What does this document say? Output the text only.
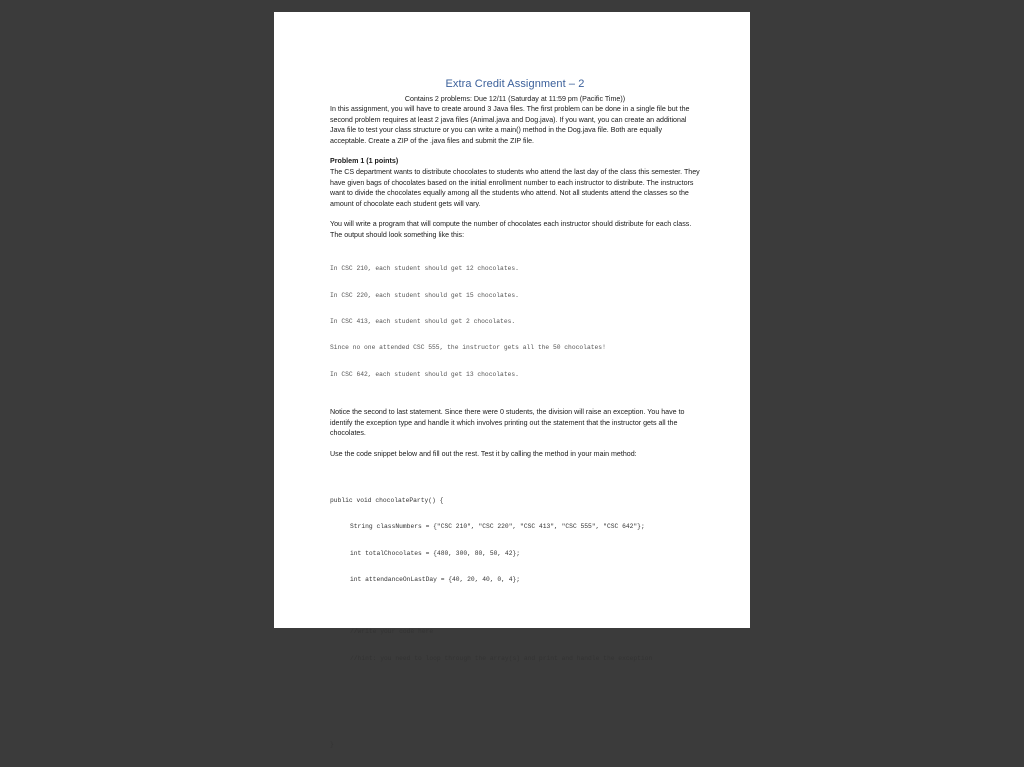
Extra Credit Assignment – 2

Contains 2 problems: Due 12/11 (Saturday at 11:59 pm (Pacific Time))

In this assignment, you will have to create around 3 Java files. The first problem can be done in a single file but the second problem requires at least 2 java files (Animal.java and Dog.java). If you want, you can create an additional Java file to test your class structure or you can write a main() method in the Dog.java file. Both are equally acceptable. Create a ZIP of the .java files and submit the ZIP file.

Problem 1 (1 points)

The CS department wants to distribute chocolates to students who attend the last day of the class this semester. They have given bags of chocolates based on the initial enrollment number to each instructor to distribute. The instructors want to divide the chocolates equally among all the students who attend. Not all students attend the classes so the amount of chocolate each student gets will vary.

You will write a program that will compute the number of chocolates each instructor should distribute for each class. The output should look something like this:

In CSC 210, each student should get 12 chocolates.

In CSC 220, each student should get 15 chocolates.

In CSC 413, each student should get 2 chocolates.

Since no one attended CSC 555, the instructor gets all the 50 chocolates!

In CSC 642, each student should get 13 chocolates.

Notice the second to last statement. Since there were 0 students, the division will raise an exception. You have to identify the exception type and handle it which involves printing out the statement that the instructor gets all the chocolates.

Use the code snippet below and fill out the rest. Test it by calling the method in your main method:

public void chocolateParty() {

String classNumbers = {"CSC 210", "CSC 220", "CSC 413", "CSC 555", "CSC 642"};

int totalChocolates = {480, 300, 80, 50, 42};

int attendanceOnLastDay = {40, 20, 40, 0, 4};

//write your code here

//hint: you need to loop through the array(s) and print and handle the exception

}
